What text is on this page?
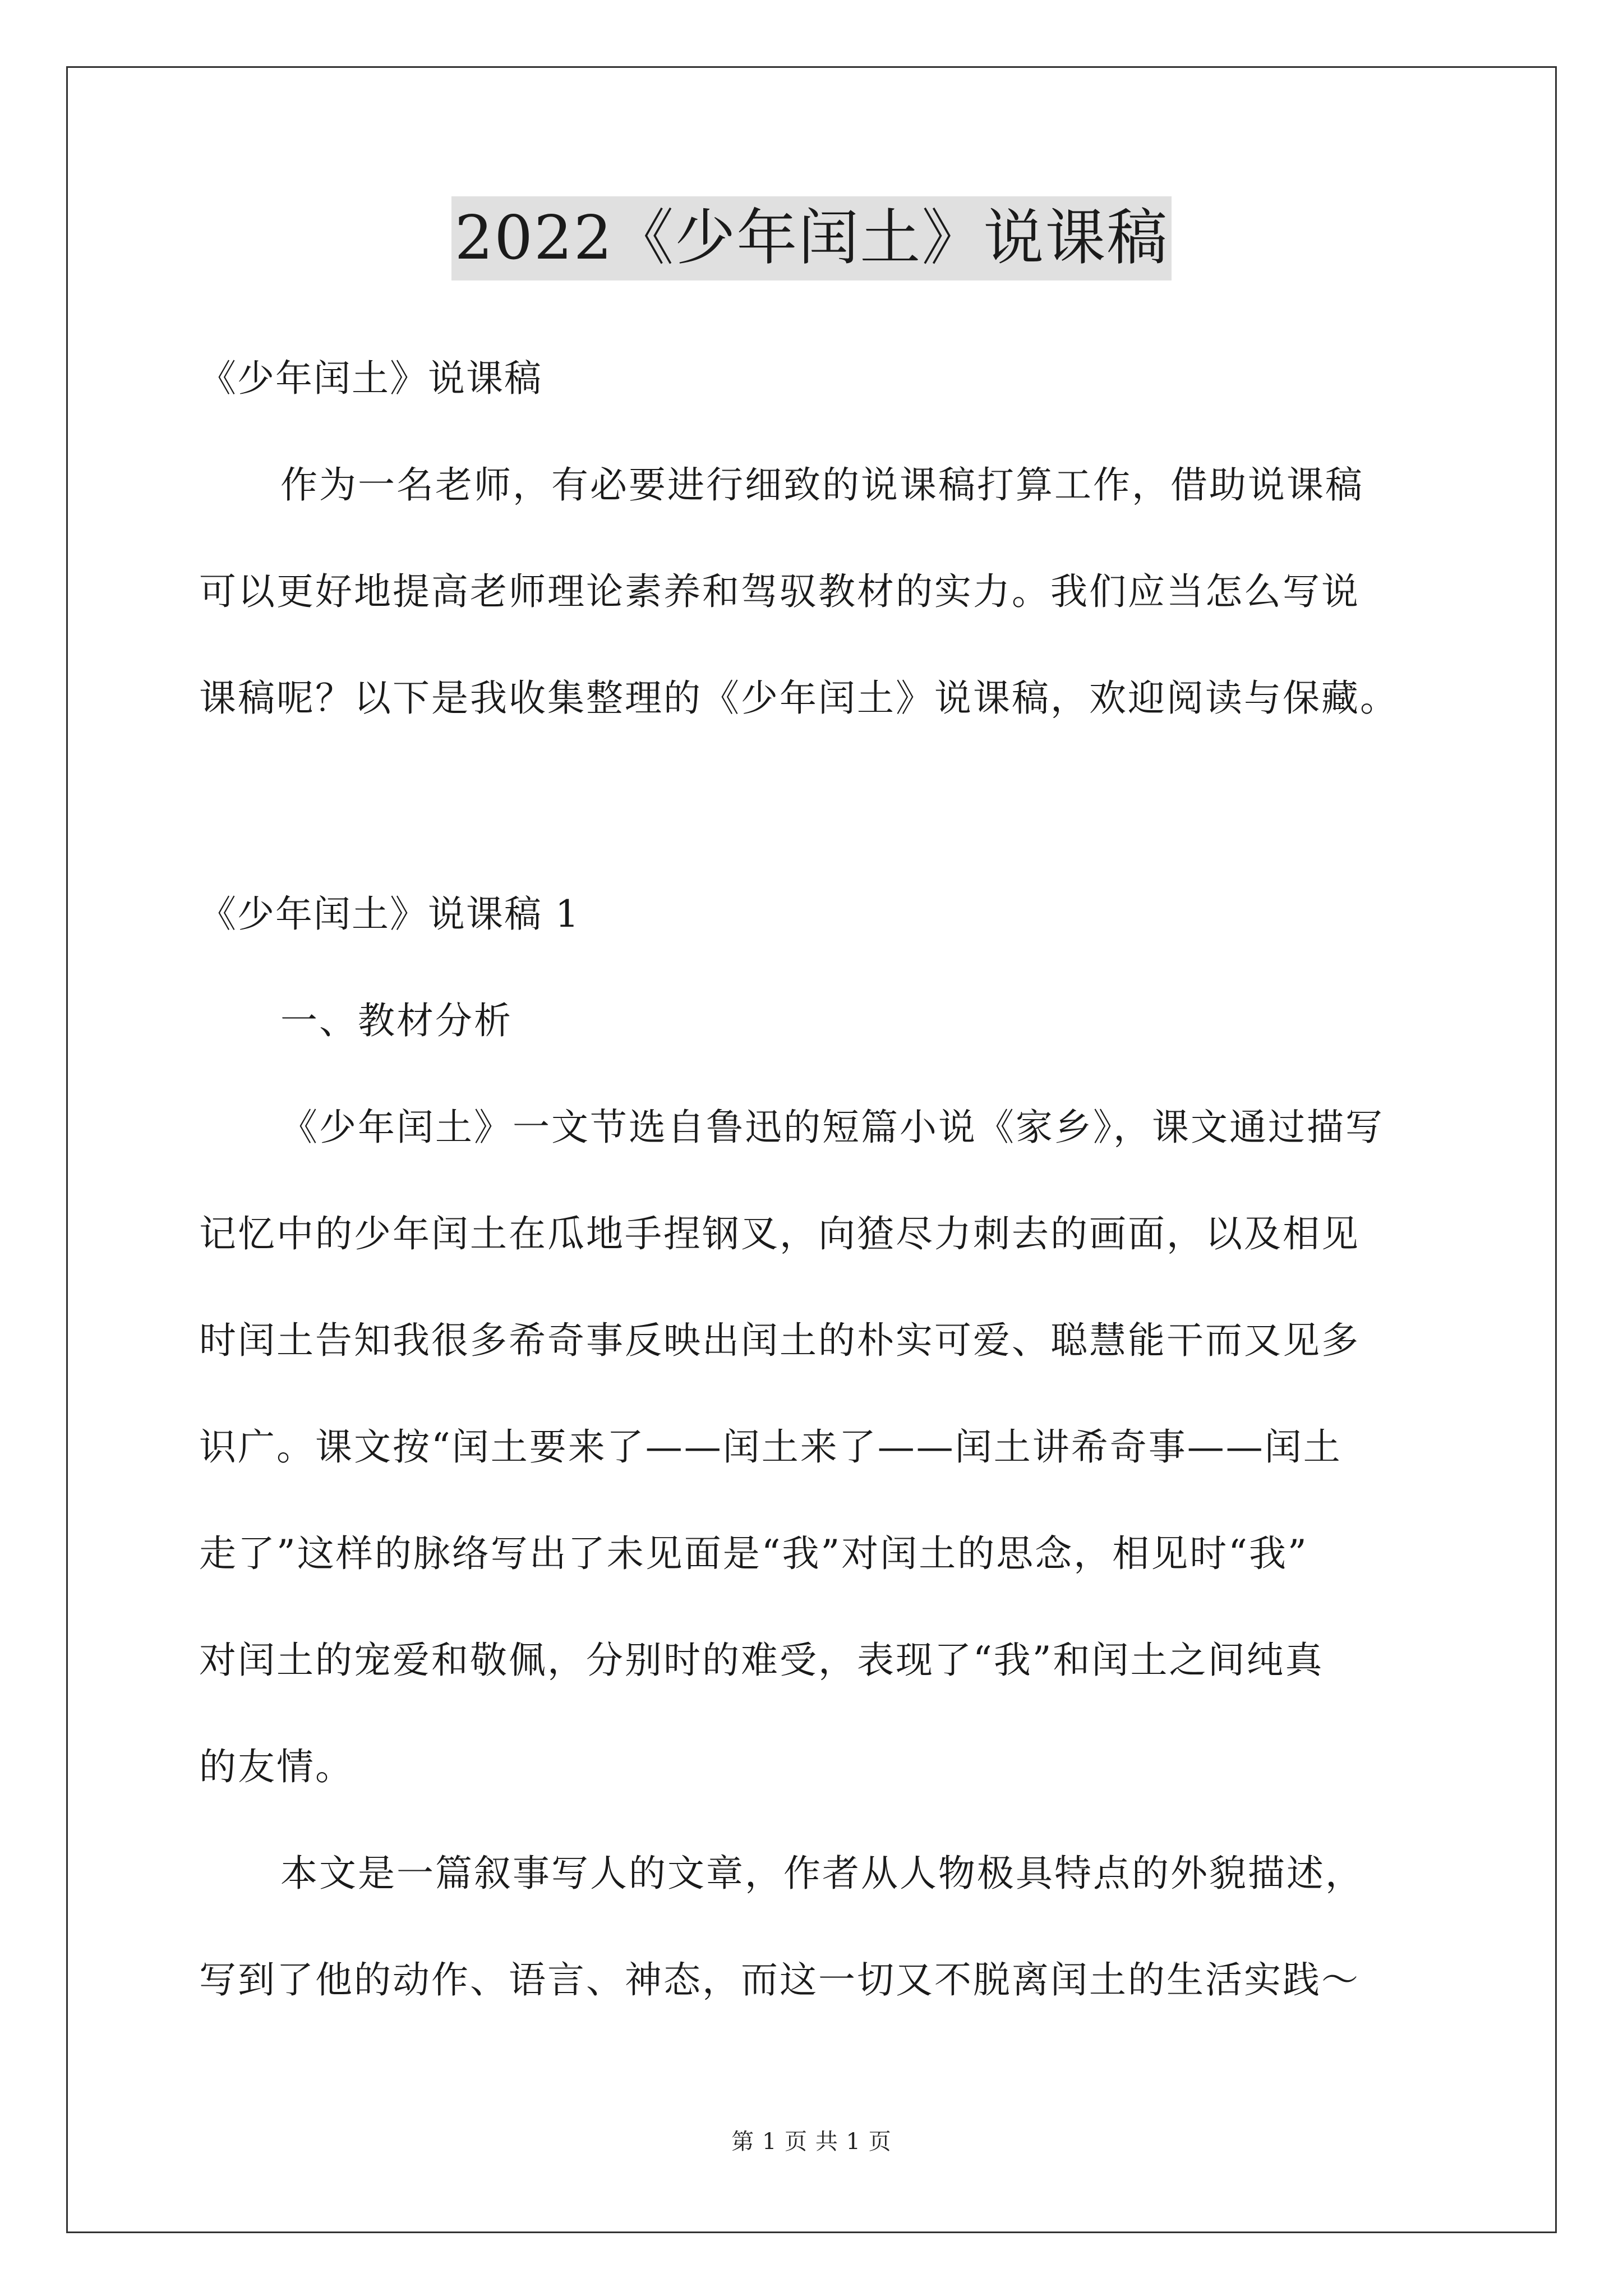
2022《少年闰土》说课稿
《少年闰土》说课稿
作为一名老师，有必要进行细致的说课稿打算工作，借助说课稿
可以更好地提高老师理论素养和驾驭教材的实力。我们应当怎么写说
课稿呢？以下是我收集整理的《少年闰土》说课稿，欢迎阅读与保藏。
《少年闰土》说课稿 1
一、教材分析
《少年闰土》一文节选自鲁迅的短篇小说《家乡》，课文通过描写
记忆中的少年闰土在瓜地手捏钢叉，向猹尽力刺去的画面，以及相见
时闰土告知我很多希奇事反映出闰土的朴实可爱、聪慧能干而又见多
识广。课文按“闰土要来了——闰土来了——闰土讲希奇事——闰土
走了”这样的脉络写出了未见面是“我”对闰土的思念，相见时“我”
对闰土的宠爱和敬佩，分别时的难受，表现了“我”和闰土之间纯真
的友情。
本文是一篇叙事写人的文章，作者从人物极具特点的外貌描述，
写到了他的动作、语言、神态，而这一切又不脱离闰土的生活实践～
第 1 页 共 1 页
